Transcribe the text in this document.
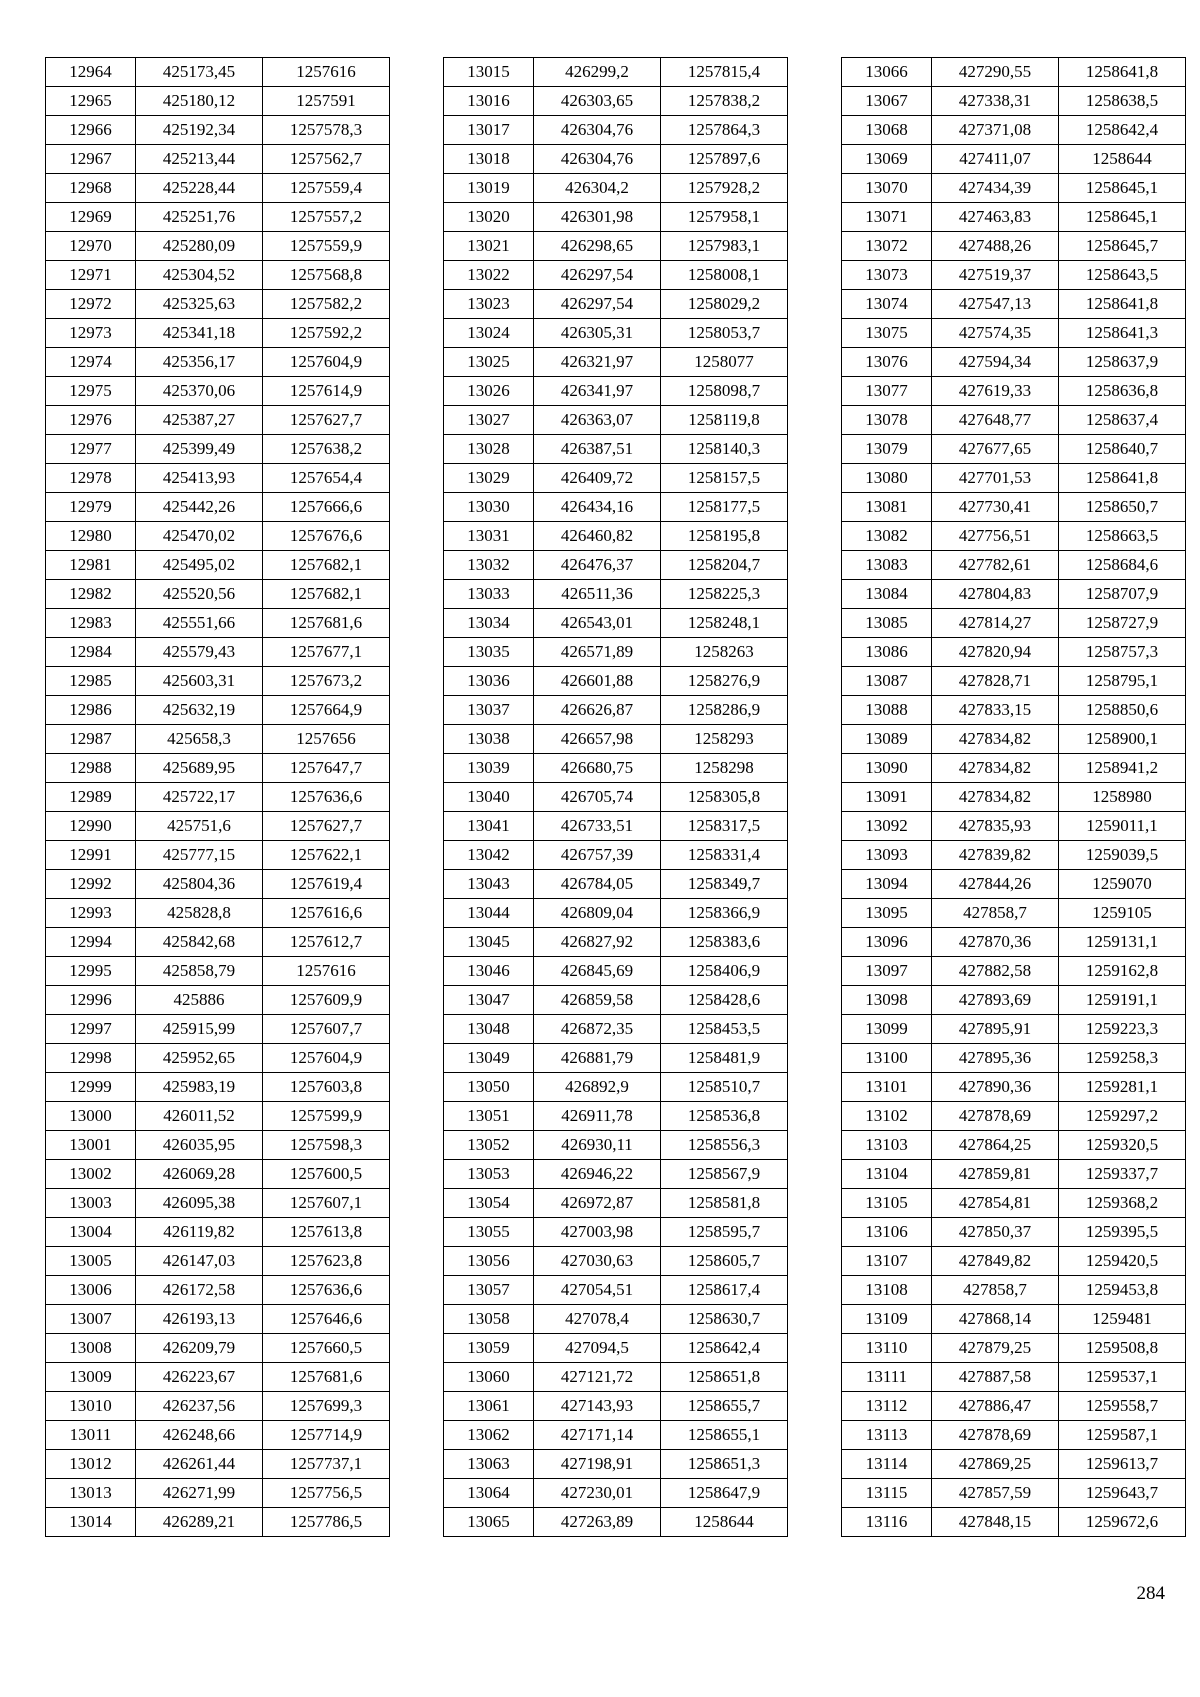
12964	425173,45	1257616
12965	425180,12	1257591
12966	425192,34	1257578,3
12967	425213,44	1257562,7
12968	425228,44	1257559,4
12969	425251,76	1257557,2
12970	425280,09	1257559,9
12971	425304,52	1257568,8
12972	425325,63	1257582,2
12973	425341,18	1257592,2
12974	425356,17	1257604,9
12975	425370,06	1257614,9
12976	425387,27	1257627,7
12977	425399,49	1257638,2
12978	425413,93	1257654,4
12979	425442,26	1257666,6
12980	425470,02	1257676,6
12981	425495,02	1257682,1
12982	425520,56	1257682,1
12983	425551,66	1257681,6
12984	425579,43	1257677,1
12985	425603,31	1257673,2
12986	425632,19	1257664,9
12987	425658,3	1257656
12988	425689,95	1257647,7
12989	425722,17	1257636,6
12990	425751,6	1257627,7
12991	425777,15	1257622,1
12992	425804,36	1257619,4
12993	425828,8	1257616,6
12994	425842,68	1257612,7
12995	425858,79	1257616
12996	425886	1257609,9
12997	425915,99	1257607,7
12998	425952,65	1257604,9
12999	425983,19	1257603,8
13000	426011,52	1257599,9
13001	426035,95	1257598,3
13002	426069,28	1257600,5
13003	426095,38	1257607,1
13004	426119,82	1257613,8
13005	426147,03	1257623,8
13006	426172,58	1257636,6
13007	426193,13	1257646,6
13008	426209,79	1257660,5
13009	426223,67	1257681,6
13010	426237,56	1257699,3
13011	426248,66	1257714,9
13012	426261,44	1257737,1
13013	426271,99	1257756,5
13014	426289,21	1257786,5
13015	426299,2	1257815,4
13016	426303,65	1257838,2
13017	426304,76	1257864,3
13018	426304,76	1257897,6
13019	426304,2	1257928,2
13020	426301,98	1257958,1
13021	426298,65	1257983,1
13022	426297,54	1258008,1
13023	426297,54	1258029,2
13024	426305,31	1258053,7
13025	426321,97	1258077
13026	426341,97	1258098,7
13027	426363,07	1258119,8
13028	426387,51	1258140,3
13029	426409,72	1258157,5
13030	426434,16	1258177,5
13031	426460,82	1258195,8
13032	426476,37	1258204,7
13033	426511,36	1258225,3
13034	426543,01	1258248,1
13035	426571,89	1258263
13036	426601,88	1258276,9
13037	426626,87	1258286,9
13038	426657,98	1258293
13039	426680,75	1258298
13040	426705,74	1258305,8
13041	426733,51	1258317,5
13042	426757,39	1258331,4
13043	426784,05	1258349,7
13044	426809,04	1258366,9
13045	426827,92	1258383,6
13046	426845,69	1258406,9
13047	426859,58	1258428,6
13048	426872,35	1258453,5
13049	426881,79	1258481,9
13050	426892,9	1258510,7
13051	426911,78	1258536,8
13052	426930,11	1258556,3
13053	426946,22	1258567,9
13054	426972,87	1258581,8
13055	427003,98	1258595,7
13056	427030,63	1258605,7
13057	427054,51	1258617,4
13058	427078,4	1258630,7
13059	427094,5	1258642,4
13060	427121,72	1258651,8
13061	427143,93	1258655,7
13062	427171,14	1258655,1
13063	427198,91	1258651,3
13064	427230,01	1258647,9
13065	427263,89	1258644
13066	427290,55	1258641,8
13067	427338,31	1258638,5
13068	427371,08	1258642,4
13069	427411,07	1258644
13070	427434,39	1258645,1
13071	427463,83	1258645,1
13072	427488,26	1258645,7
13073	427519,37	1258643,5
13074	427547,13	1258641,8
13075	427574,35	1258641,3
13076	427594,34	1258637,9
13077	427619,33	1258636,8
13078	427648,77	1258637,4
13079	427677,65	1258640,7
13080	427701,53	1258641,8
13081	427730,41	1258650,7
13082	427756,51	1258663,5
13083	427782,61	1258684,6
13084	427804,83	1258707,9
13085	427814,27	1258727,9
13086	427820,94	1258757,3
13087	427828,71	1258795,1
13088	427833,15	1258850,6
13089	427834,82	1258900,1
13090	427834,82	1258941,2
13091	427834,82	1258980
13092	427835,93	1259011,1
13093	427839,82	1259039,5
13094	427844,26	1259070
13095	427858,7	1259105
13096	427870,36	1259131,1
13097	427882,58	1259162,8
13098	427893,69	1259191,1
13099	427895,91	1259223,3
13100	427895,36	1259258,3
13101	427890,36	1259281,1
13102	427878,69	1259297,2
13103	427864,25	1259320,5
13104	427859,81	1259337,7
13105	427854,81	1259368,2
13106	427850,37	1259395,5
13107	427849,82	1259420,5
13108	427858,7	1259453,8
13109	427868,14	1259481
13110	427879,25	1259508,8
13111	427887,58	1259537,1
13112	427886,47	1259558,7
13113	427878,69	1259587,1
13114	427869,25	1259613,7
13115	427857,59	1259643,7
13116	427848,15	1259672,6
284
